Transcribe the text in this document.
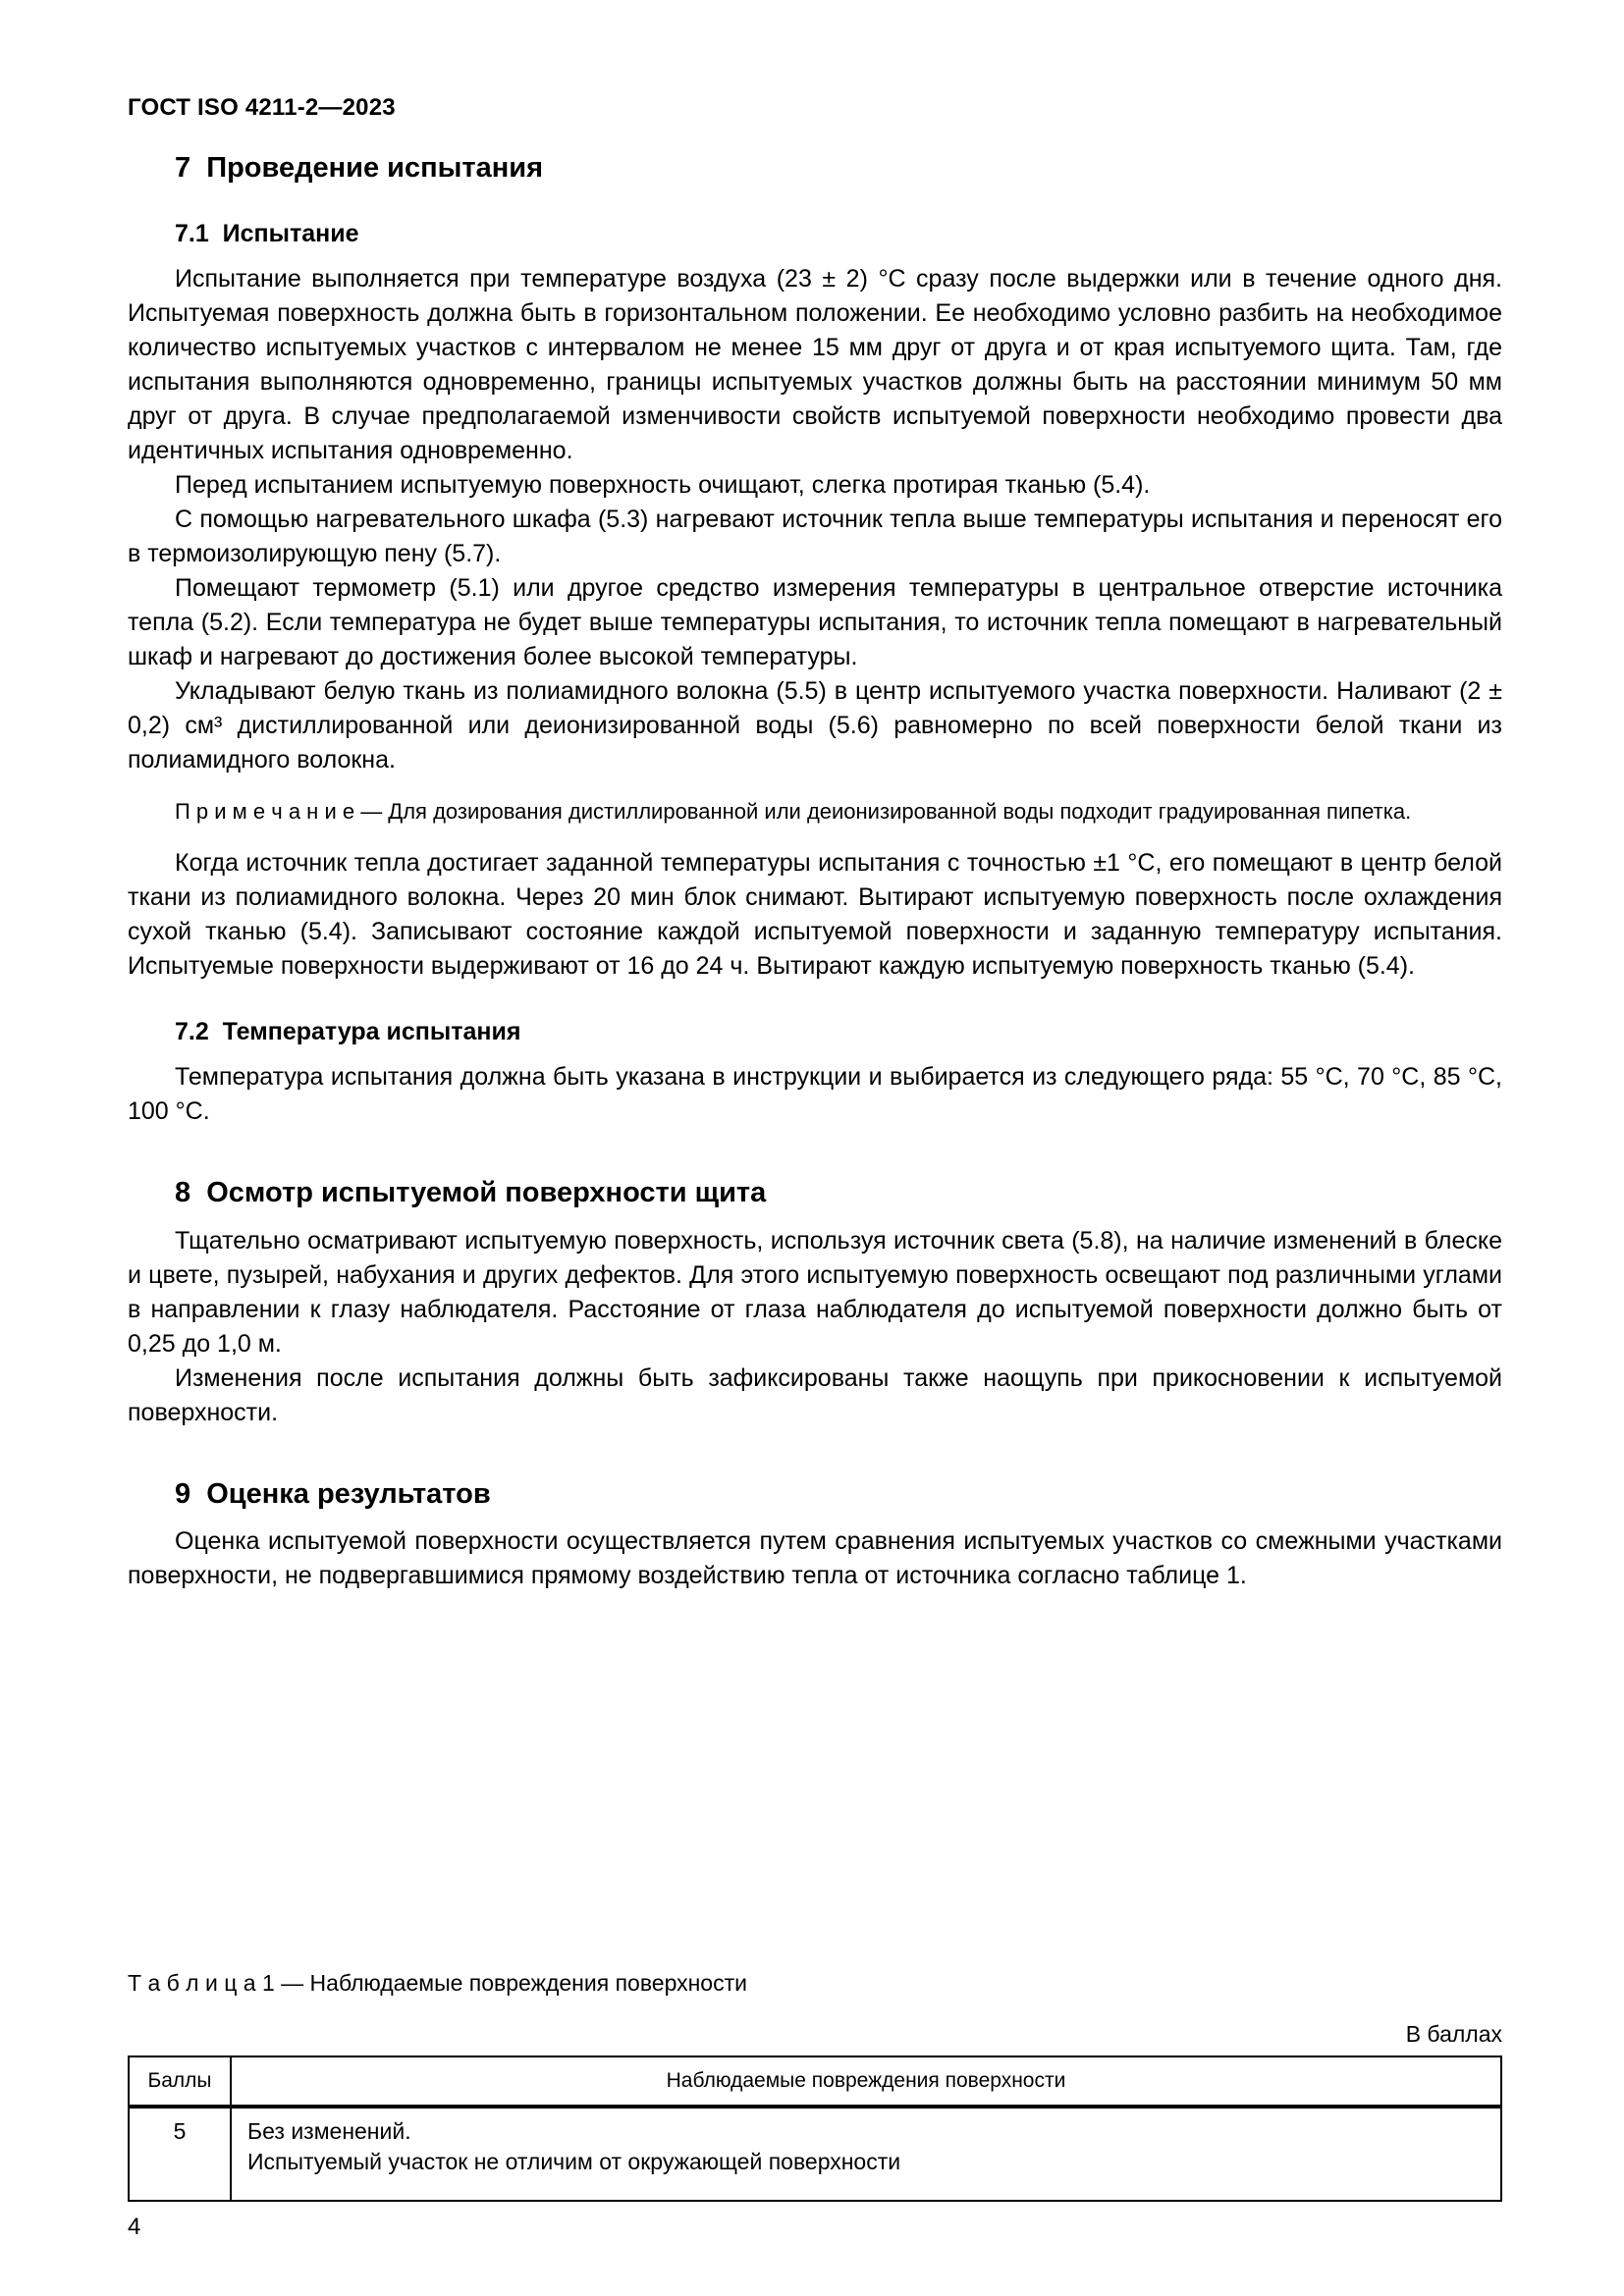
ГОСТ ISO 4211-2—2023
7  Проведение испытания
7.1  Испытание

Испытание выполняется при температуре воздуха (23 ± 2) °С сразу после выдержки или в течение одного дня. Испытуемая поверхность должна быть в горизонтальном положении. Ее необходимо условно разбить на необходимое количество испытуемых участков с интервалом не менее 15 мм друг от друга и от края испытуемого щита. Там, где испытания выполняются одновременно, границы испытуемых участков должны быть на расстоянии минимум 50 мм друг от друга. В случае предполагаемой изменчивости свойств испытуемой поверхности необходимо провести два идентичных испытания одновременно.

Перед испытанием испытуемую поверхность очищают, слегка протирая тканью (5.4).

С помощью нагревательного шкафа (5.3) нагревают источник тепла выше температуры испытания и переносят его в термоизолирующую пену (5.7).

Помещают термометр (5.1) или другое средство измерения температуры в центральное отверстие источника тепла (5.2). Если температура не будет выше температуры испытания, то источник тепла помещают в нагревательный шкаф и нагревают до достижения более высокой температуры.

Укладывают белую ткань из полиамидного волокна (5.5) в центр испытуемого участка поверхности. Наливают (2 ± 0,2) см³ дистиллированной или деионизированной воды (5.6) равномерно по всей поверхности белой ткани из полиамидного волокна.

П р и м е ч а н и е — Для дозирования дистиллированной или деионизированной воды подходит градуированная пипетка.

Когда источник тепла достигает заданной температуры испытания с точностью ±1 °С, его помещают в центр белой ткани из полиамидного волокна. Через 20 мин блок снимают. Вытирают испытуемую поверхность после охлаждения сухой тканью (5.4). Записывают состояние каждой испытуемой поверхности и заданную температуру испытания. Испытуемые поверхности выдерживают от 16 до 24 ч. Вытирают каждую испытуемую поверхность тканью (5.4).

7.2  Температура испытания

Температура испытания должна быть указана в инструкции и выбирается из следующего ряда: 55 °С, 70 °С, 85 °С, 100 °С.

8  Осмотр испытуемой поверхности щита

Тщательно осматривают испытуемую поверхность, используя источник света (5.8), на наличие изменений в блеске и цвете, пузырей, набухания и других дефектов. Для этого испытуемую поверхность освещают под различными углами в направлении к глазу наблюдателя. Расстояние от глаза наблюдателя до испытуемой поверхности должно быть от 0,25 до 1,0 м.

Изменения после испытания должны быть зафиксированы также наощупь при прикосновении к испытуемой поверхности.

9  Оценка результатов

Оценка испытуемой поверхности осуществляется путем сравнения испытуемых участков со смежными участками поверхности, не подвергавшимися прямому воздействию тепла от источника согласно таблице 1.

Т а б л и ц а 1 — Наблюдаемые повреждения поверхности
В баллах
Баллы	Наблюдаемые повреждения поверхности
5	Без изменений.
Испытуемый участок не отличим от окружающей поверхности
4
